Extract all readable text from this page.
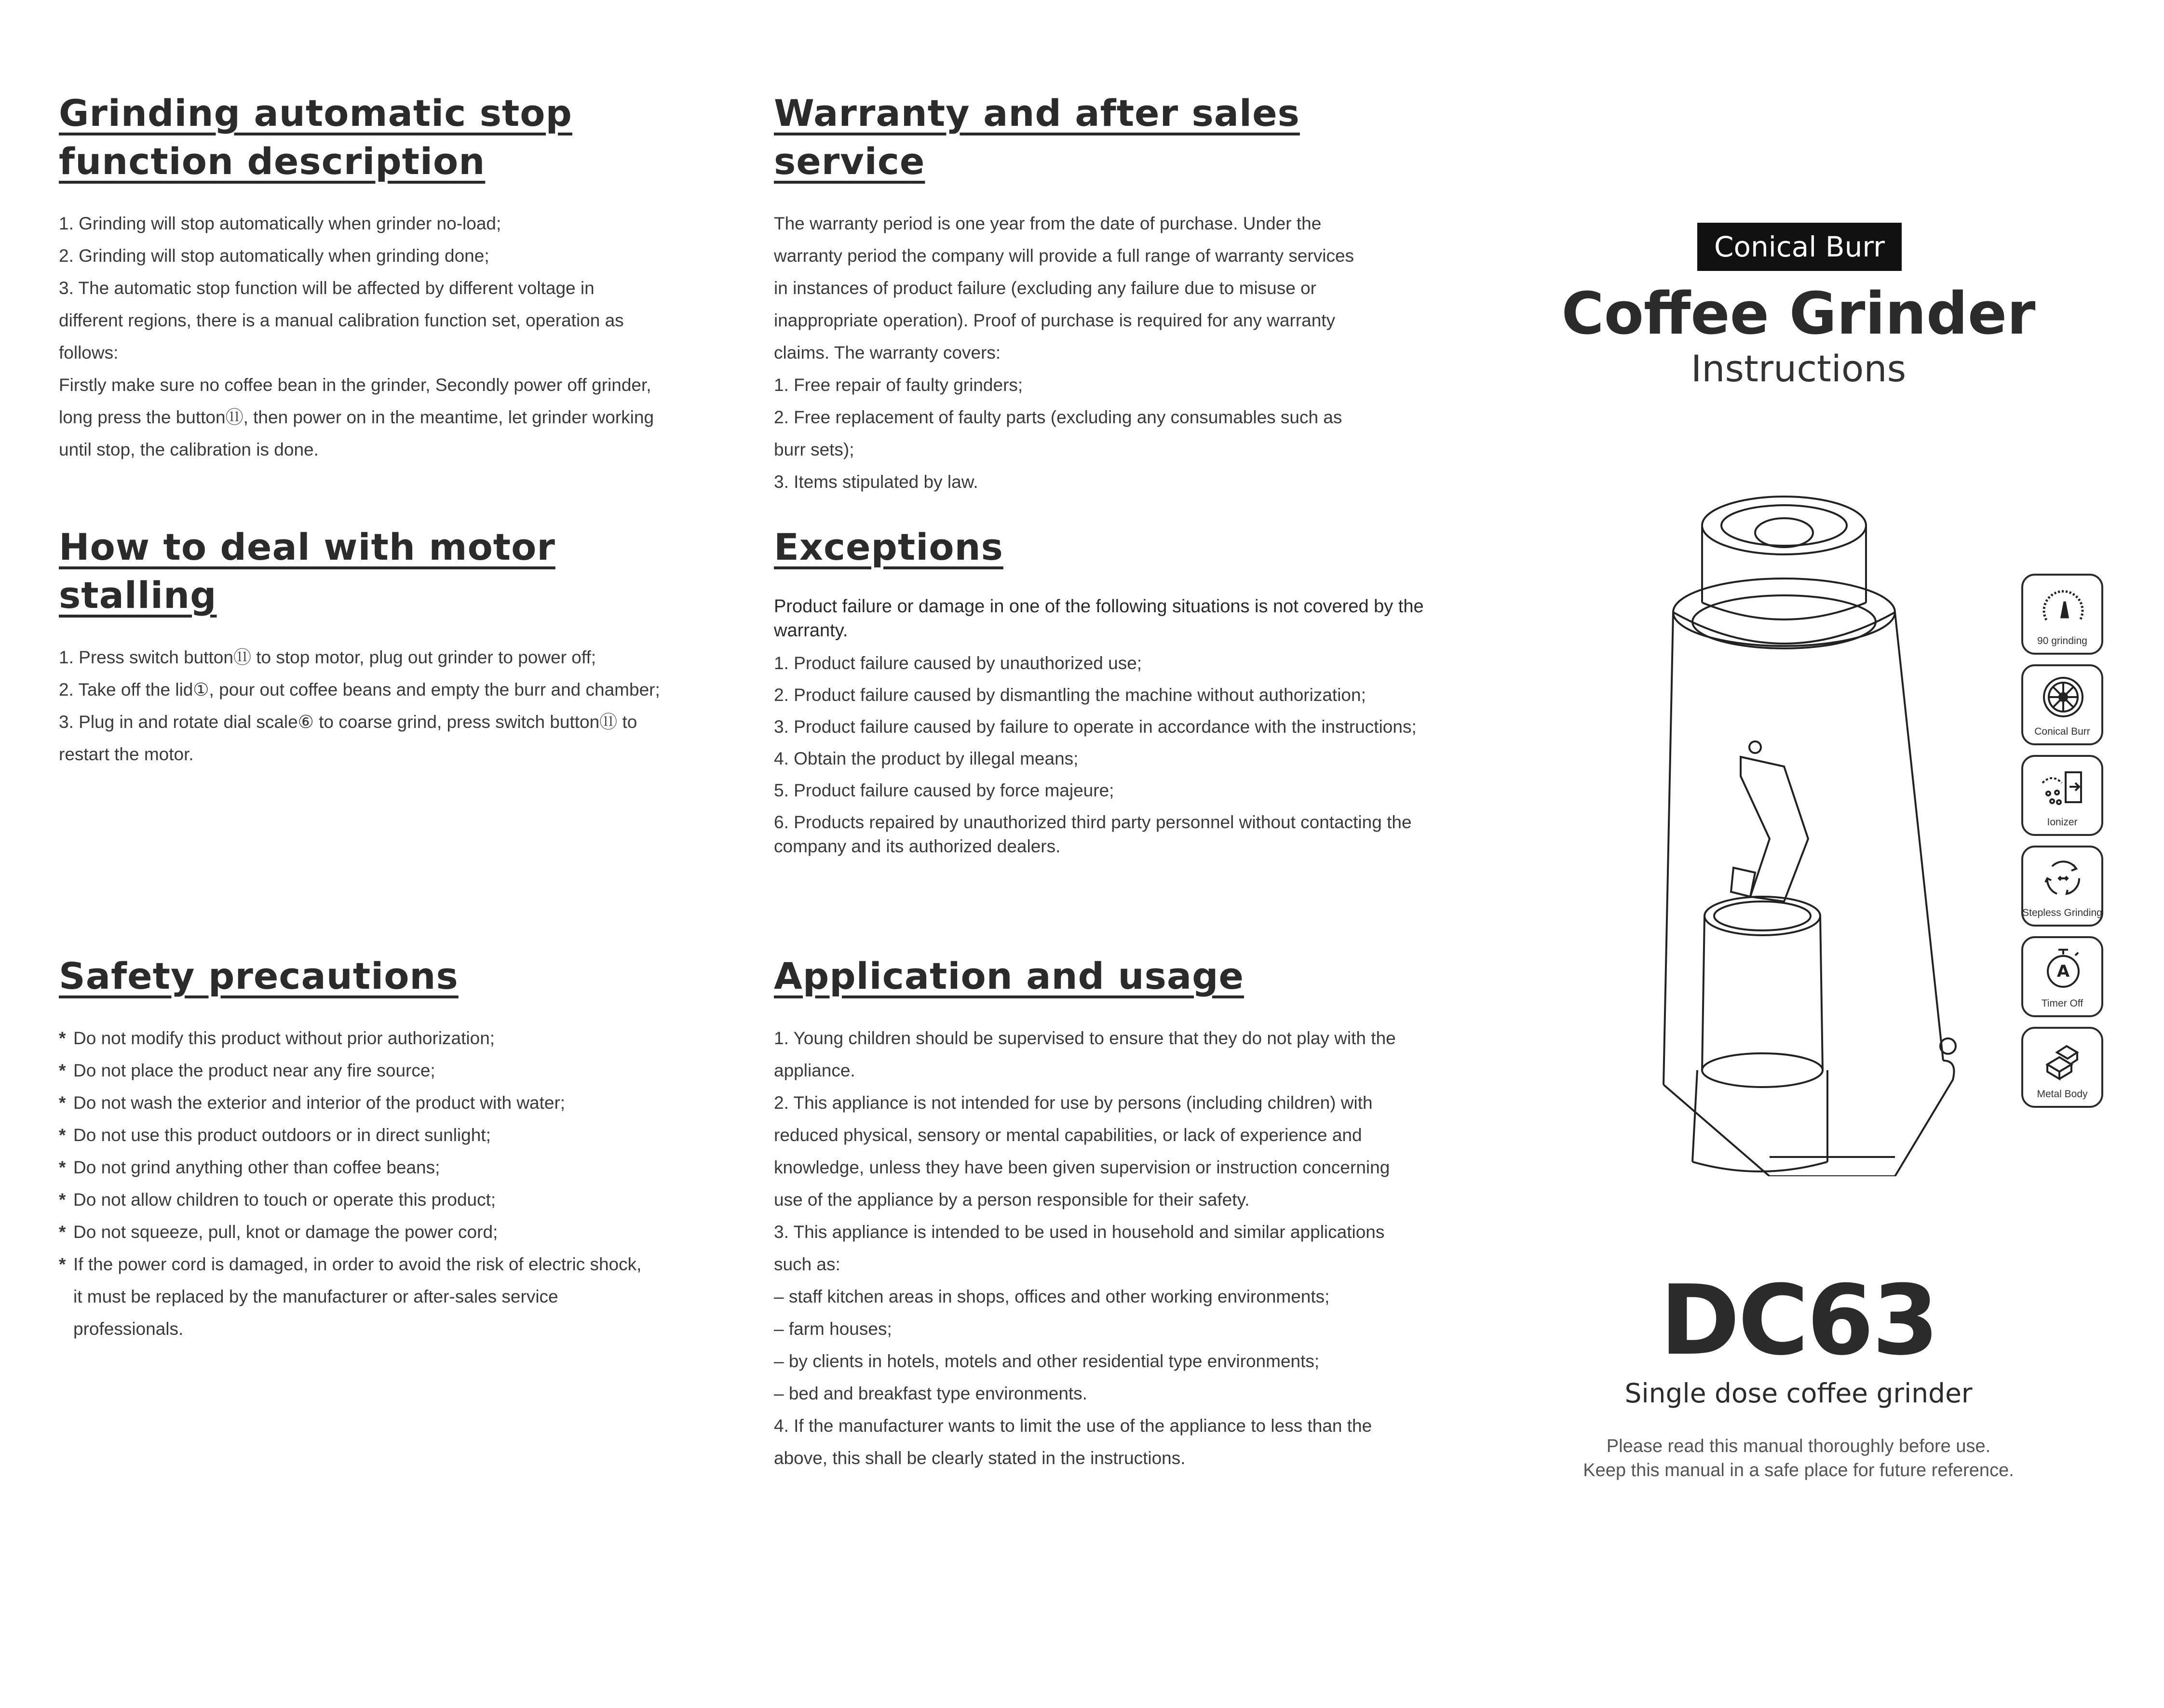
Grinding automatic stop
function description
1. Grinding will stop automatically when grinder no-load;
2. Grinding will stop automatically when grinding done;
3. The automatic stop function will be affected by different voltage in
different regions, there is a manual calibration function set, operation as
follows:
Firstly make sure no coffee bean in the grinder, Secondly power off grinder,
long press the button⑪, then power on in the meantime, let grinder working
until stop, the calibration is done.
Warranty and after sales service
The warranty period is one year from the date of purchase. Under the
warranty period the company will provide a full range of warranty services
in instances of product failure (excluding any failure due to misuse or
inappropriate operation). Proof of purchase is required for any warranty
claims. The warranty covers:
1. Free repair of faulty grinders;
2. Free replacement of faulty parts (excluding any consumables such as
burr sets);
3. Items stipulated by law.
How to deal with motor stalling
1. Press switch button⑪ to stop motor, plug out grinder to power off;
2. Take off the lid①, pour out coffee beans and empty the burr and chamber;
3. Plug in and rotate dial scale⑥ to coarse grind, press switch button⑪ to
restart the motor.
Exceptions
Product failure or damage in one of the following situations is not covered by the warranty.
1. Product failure caused by unauthorized use;
2. Product failure caused by dismantling the machine without authorization;
3. Product failure caused by failure to operate in accordance with the instructions;
4. Obtain the product by illegal means;
5. Product failure caused by force majeure;
6. Products repaired by unauthorized third party personnel without contacting the company and its authorized dealers.
Safety precautions
* Do not modify this product without prior authorization;
* Do not place the product near any fire source;
* Do not wash the exterior and interior of the product with water;
* Do not use this product outdoors or in direct sunlight;
* Do not grind anything other than coffee beans;
* Do not allow children to touch or operate this product;
* Do not squeeze, pull, knot or damage the power cord;
* If the power cord is damaged, in order to avoid the risk of electric shock,
it must be replaced by the manufacturer or after-sales service
professionals.
Application and usage
1. Young children should be supervised to ensure that they do not play with the
appliance.
2. This appliance is not intended for use by persons (including children) with
reduced physical, sensory or mental capabilities, or lack of experience and
knowledge, unless they have been given supervision or instruction concerning
use of the appliance by a person responsible for their safety.
3. This appliance is intended to be used in household and similar applications
such as:
– staff kitchen areas in shops, offices and other working environments;
– farm houses;
– by clients in hotels, motels and other residential type environments;
– bed and breakfast type environments.
4. If the manufacturer wants to limit the use of the appliance to less than the
above, this shall be clearly stated in the instructions.
Conical Burr
Coffee Grinder
Instructions
90 grinding
Conical Burr
Ionizer
Stepless Grinding
A
Timer Off
Metal Body
DC63
Single dose coffee grinder
Please read this manual thoroughly before use.
Keep this manual in a safe place for future reference.
